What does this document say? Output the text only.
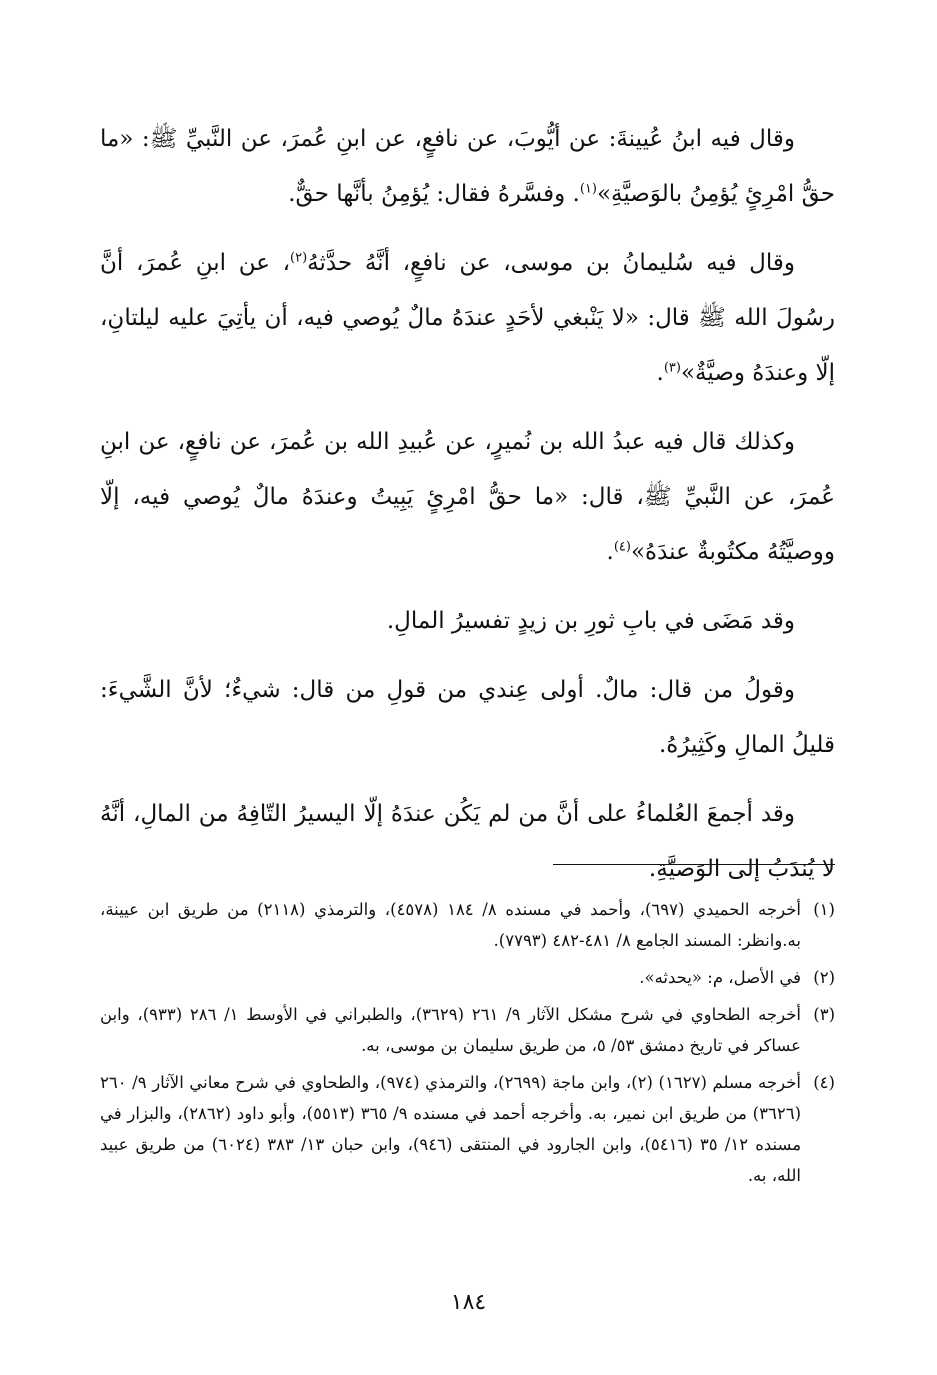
وقال فيه ابنُ عُيينةَ: عن أيُّوبَ، عن نافعٍ، عن ابنِ عُمرَ، عن النَّبيِّ ﷺ: «ما حقُّ امْرِئٍ يُؤمِنُ بالوَصيَّةِ»$^{(١)}$. وفسَّرهُ فقال: يُؤمِنُ بأنَّها حقٌّ.

وقال فيه سُليمانُ بن موسى، عن نافعٍ، أنَّهُ حدَّثهُ$^{(٢)}$، عن ابنِ عُمرَ، أنَّ رسُولَ الله ﷺ قال: «لا يَنْبغي لأحَدٍ عندَهُ مالٌ يُوصي فيه، أن يأتِيَ عليه ليلتانِ، إلّا وعندَهُ وصيَّةٌ»$^{(٣)}$.

وكذلك قال فيه عبدُ الله بن نُميرٍ، عن عُبيدِ الله بن عُمرَ، عن نافعٍ، عن ابنِ عُمرَ، عن النَّبيِّ ﷺ، قال: «ما حقُّ امْرِئٍ يَبِيتُ وعندَهُ مالٌ يُوصي فيه، إلّا ووصيَّتُهُ مكتُوبةٌ عندَهُ»$^{(٤)}$.

وقد مَضَى في بابِ ثورِ بن زيدٍ تفسيرُ المالِ.

وقولُ من قال: مالٌ. أولى عِندي من قولِ من قال: شيءٌ؛ لأنَّ الشَّيءَ: قليلُ المالِ وكَثِيرُهُ.

وقد أجمعَ العُلماءُ على أنَّ من لم يَكُن عندَهُ إلّا اليسيرُ التّافِهُ من المالِ، أنَّهُ لا يُندَبُ إلى الوَصيَّةِ.

(١)أخرجه الحميدي (٦٩٧)، وأحمد في مسنده ٨/ ١٨٤ (٤٥٧٨)، والترمذي (٢١١٨) من طريق ابن عيينة، به.وانظر: المسند الجامع ٨/ ٤٨١-٤٨٢ (٧٧٩٣).

(٢)في الأصل، م: «يحدثه».

(٣)أخرجه الطحاوي في شرح مشكل الآثار ٩/ ٢٦١ (٣٦٢٩)، والطبراني في الأوسط ١/ ٢٨٦ (٩٣٣)، وابن عساكر في تاريخ دمشق ٥٣/ ٥، من طريق سليمان بن موسى، به.

(٤)أخرجه مسلم (١٦٢٧) (٢)، وابن ماجة (٢٦٩٩)، والترمذي (٩٧٤)، والطحاوي في شرح معاني الآثار ٩/ ٢٦٠ (٣٦٢٦) من طريق ابن نمير، به. وأخرجه أحمد في مسنده ٩/ ٣٦٥ (٥٥١٣)، وأبو داود (٢٨٦٢)، والبزار في مسنده ١٢/ ٣٥ (٥٤١٦)، وابن الجارود في المنتقى (٩٤٦)، وابن حبان ١٣/ ٣٨٣ (٦٠٢٤) من طريق عبيد الله، به.

١٨٤
